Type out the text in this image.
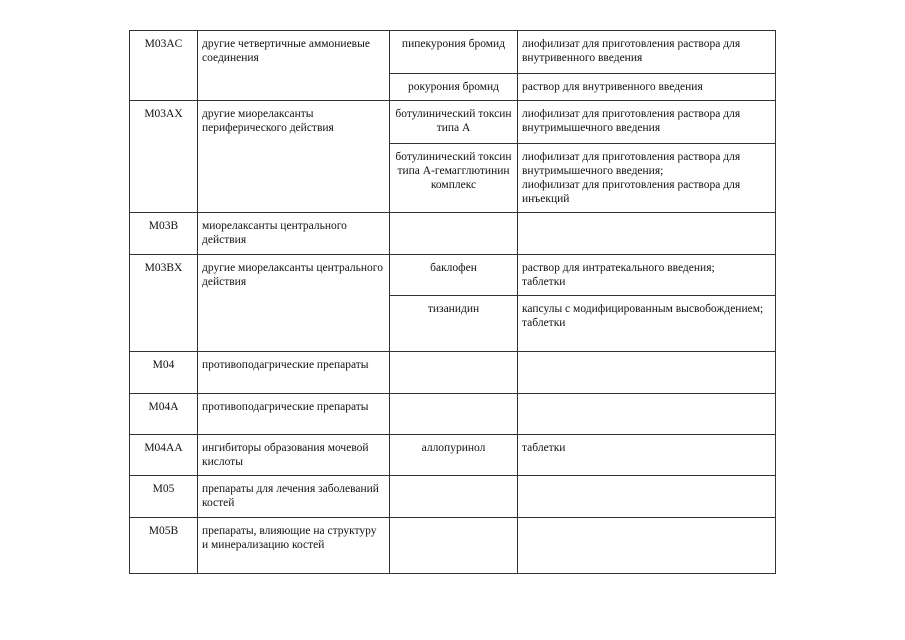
M03AC	другие четвертичные аммониевые соединения	пипекурония бромид	лиофилизат для приготовления раствора для внутривенного введения
		рокурония бромид	раствор для внутривенного введения
M03AX	другие миорелаксанты периферического действия	ботулинический токсин типа А	лиофилизат для приготовления раствора для внутримышечного введения
		ботулинический токсин типа А-гемагглютинин комплекс	лиофилизат для приготовления раствора для внутримышечного введения;
лиофилизат для приготовления раствора для инъекций
M03B	миорелаксанты центрального действия		
M03BX	другие миорелаксанты центрального действия	баклофен	раствор для интратекального введения;
таблетки
		тизанидин	капсулы с модифицированным высвобождением;
таблетки
M04	противоподагрические препараты		
M04A	противоподагрические препараты		
M04AA	ингибиторы образования мочевой кислоты	аллопуринол	таблетки
M05	препараты для лечения заболеваний костей		
M05B	препараты, влияющие на структуру и минерализацию костей		
